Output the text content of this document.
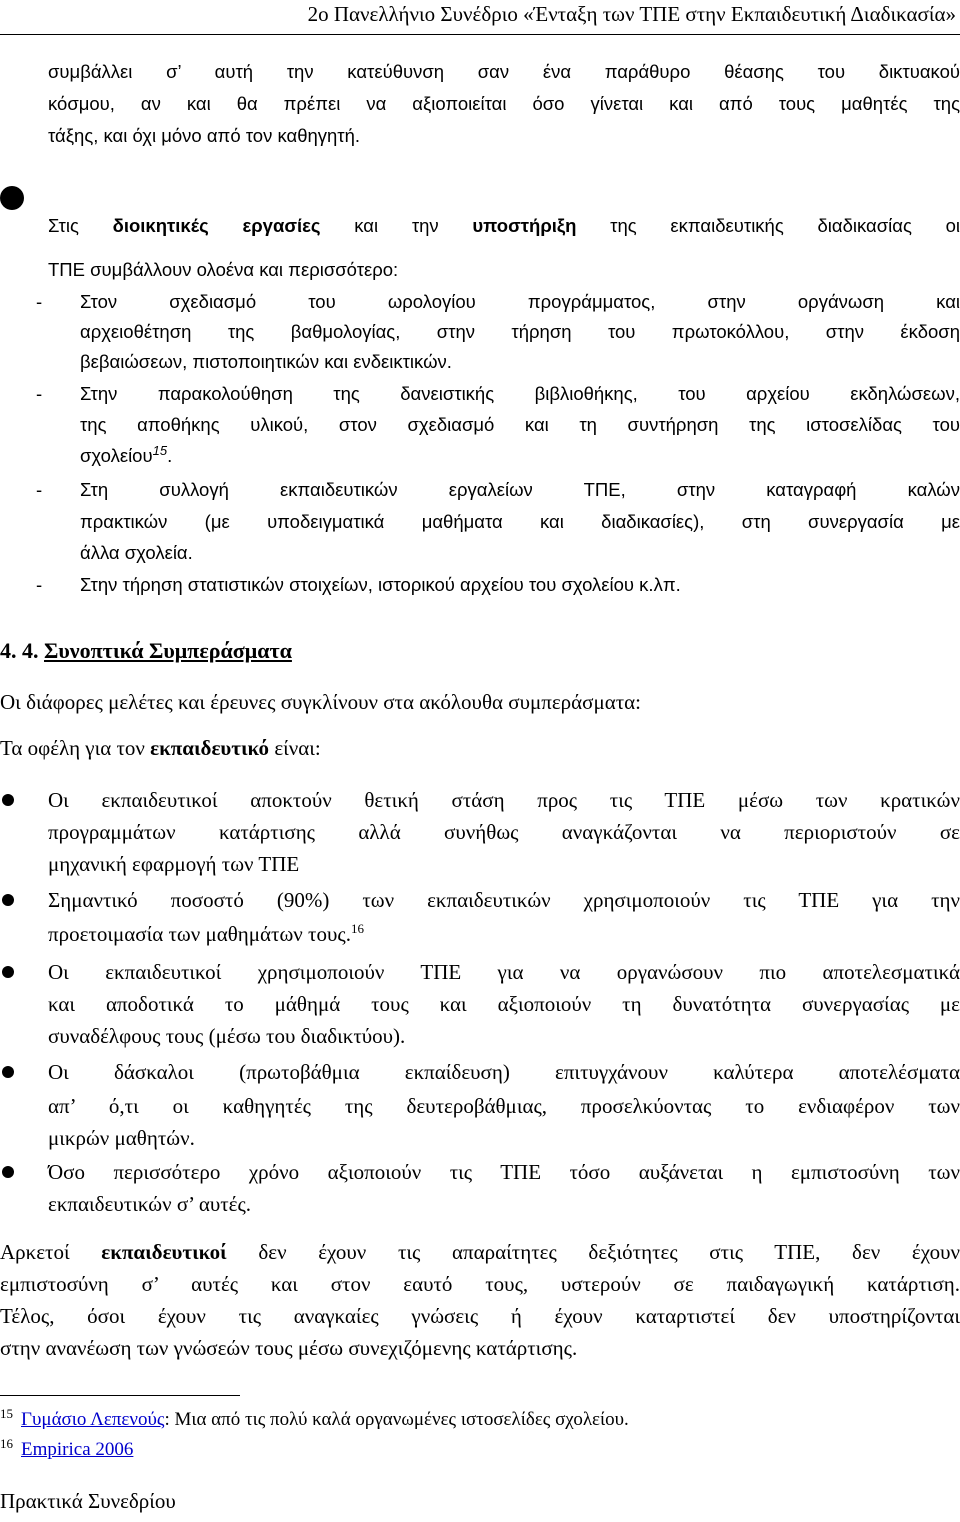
2ο Πανελλήνιο Συνέδριο «Ένταξη των ΤΠΕ στην Εκπαιδευτική Διαδικασία»
συμβάλλει σ’ αυτή την κατεύθυνση σαν ένα παράθυρο θέασης του δικτυακού
κόσμου, αν και θα πρέπει να αξιοποιείται όσο γίνεται και από τους μαθητές της
τάξης, και όχι μόνο από τον καθηγητή.
Στις διοικητικές εργασίες και την υποστήριξη της εκπαιδευτικής διαδικασίας οι
ΤΠΕ συμβάλλουν ολοένα και περισσότερο:
- Στον σχεδιασμό του ωρολογίου προγράμματος, στην οργάνωση και
αρχειοθέτηση της βαθμολογίας, στην τήρηση του πρωτοκόλλου, στην έκδοση
βεβαιώσεων, πιστοποιητικών και ενδεικτικών.
- Στην παρακολούθηση της δανειστικής βιβλιοθήκης, του αρχείου εκδηλώσεων,
της αποθήκης υλικού, στον σχεδιασμό και τη συντήρηση της ιστοσελίδας του
σχολείου$^{15}$.
- Στη συλλογή εκπαιδευτικών εργαλείων ΤΠΕ, στην καταγραφή καλών
πρακτικών (με υποδειγματικά μαθήματα και διαδικασίες), στη συνεργασία με
άλλα σχολεία.
- Στην τήρηση στατιστικών στοιχείων, ιστορικού αρχείου του σχολείου κ.λπ.
4. 4. Συνοπτικά Συμπεράσματα
Οι διάφορες μελέτες και έρευνες συγκλίνουν στα ακόλουθα συμπεράσματα:
Τα οφέλη για τον εκπαιδευτικό είναι:
Οι εκπαιδευτικοί αποκτούν θετική στάση προς τις ΤΠΕ μέσω των κρατικών
προγραμμάτων κατάρτισης αλλά συνήθως αναγκάζονται να περιοριστούν σε
μηχανική εφαρμογή των ΤΠΕ
Σημαντικό ποσοστό (90%) των εκπαιδευτικών χρησιμοποιούν τις ΤΠΕ για την
προετοιμασία των μαθημάτων τους.$^{16}$
Οι εκπαιδευτικοί χρησιμοποιούν ΤΠΕ για να οργανώσουν πιο αποτελεσματικά
και αποδοτικά το μάθημά τους και αξιοποιούν τη δυνατότητα συνεργασίας με
συναδέλφους τους (μέσω του διαδικτύου).
Οι δάσκαλοι (πρωτοβάθμια εκπαίδευση) επιτυγχάνουν καλύτερα αποτελέσματα
απ’ ό,τι οι καθηγητές της δευτεροβάθμιας, προσελκύοντας το ενδιαφέρον των
μικρών μαθητών.
Όσο περισσότερο χρόνο αξιοποιούν τις ΤΠΕ τόσο αυξάνεται η εμπιστοσύνη των
εκπαιδευτικών σ’ αυτές.
Αρκετοί εκπαιδευτικοί δεν έχουν τις απαραίτητες δεξιότητες στις ΤΠΕ, δεν έχουν
εμπιστοσύνη σ’ αυτές και στον εαυτό τους, υστερούν σε παιδαγωγική κατάρτιση.
Τέλος, όσοι έχουν τις αναγκαίες γνώσεις ή έχουν καταρτιστεί δεν υποστηρίζονται
στην ανανέωση των γνώσεών τους μέσω συνεχιζόμενης κατάρτισης.
$^{15}$ Γυμάσιο Λεπενούς: Μια από τις πολύ καλά οργανωμένες ιστοσελίδες σχολείου.
$^{16}$ Empirica 2006
Πρακτικά Συνεδρίου
